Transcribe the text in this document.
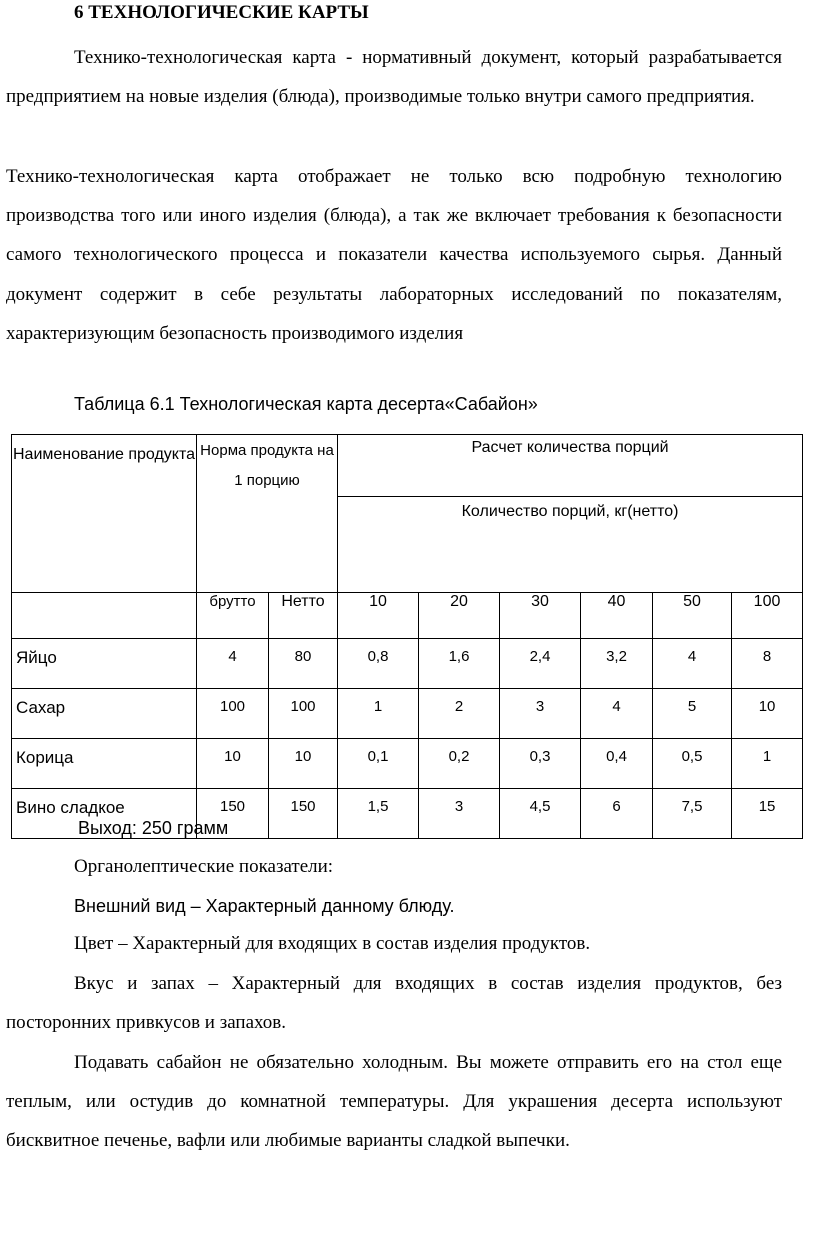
6 ТЕХНОЛОГИЧЕСКИЕ КАРТЫ

Технико-технологическая карта - нормативный документ, который разрабатывается предприятием на новые изделия (блюда), производимые только внутри самого предприятия.

Технико-технологическая карта отображает не только всю подробную технологию производства того или иного изделия (блюда), а так же включает требования к безопасности самого технологического процесса и показатели качества используемого сырья. Данный документ содержит в себе результаты лабораторных исследований по показателям, характеризующим безопасность производимого изделия

Таблица 6.1 Технологическая карта десерта«Сабайон»
Наименование продукта	Норма продукта на 1 порцию		Расчет количества порций					
			Количество порций, кг(нетто)					
	брутто	Нетто	10	20	30	40	50	100
Яйцо	4	80	0,8	1,6	2,4	3,2	4	8
Сахар	100	100	1	2	3	4	5	10
Корица	10	10	0,1	0,2	0,3	0,4	0,5	1
Вино сладкое	150	150	1,5	3	4,5	6	7,5	15
Выход: 250 грамм
Органолептические показатели:
Внешний вид – Характерный данному блюду.
Цвет – Характерный для входящих в состав изделия продуктов.

Вкус и запах – Характерный для входящих в состав изделия продуктов, без посторонних привкусов и запахов.

Подавать сабайон не обязательно холодным. Вы можете отправить его на стол еще теплым, или остудив до комнатной температуры. Для украшения десерта используют бисквитное печенье, вафли или любимые варианты сладкой выпечки.
